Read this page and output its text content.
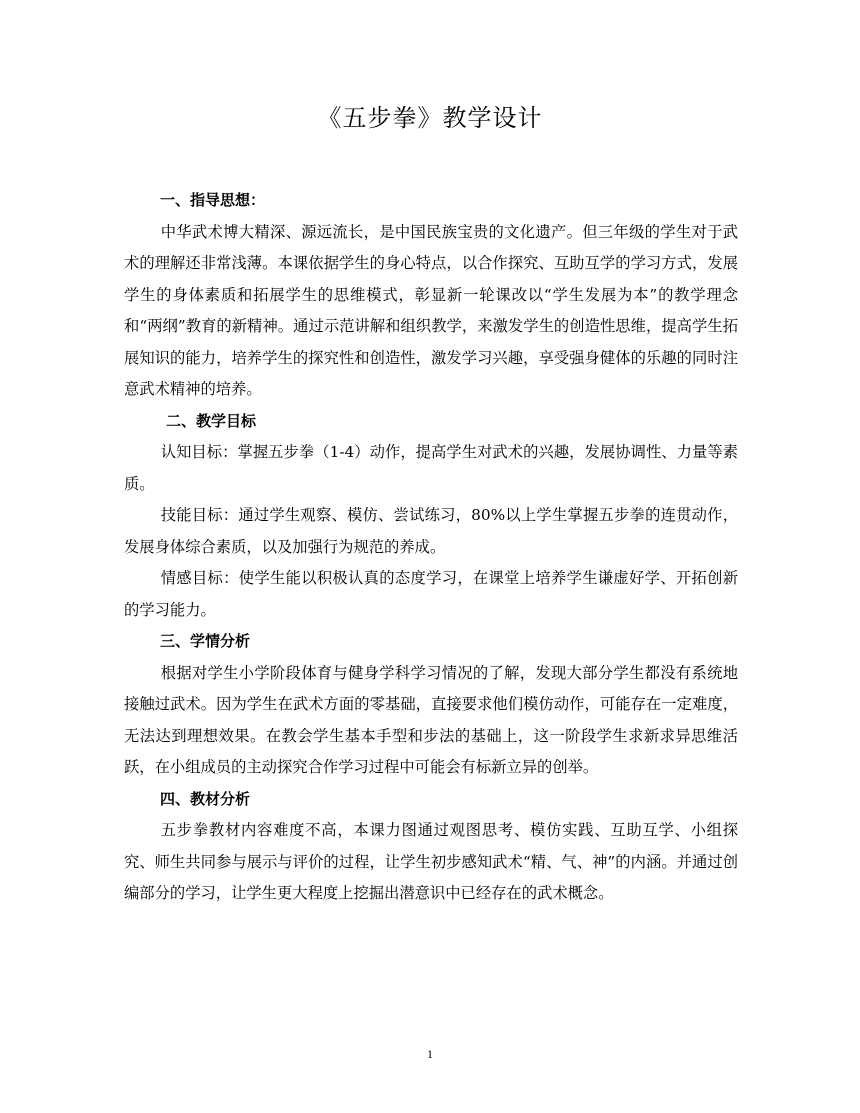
《五步拳》教学设计

一、指导思想：

中华武术博大精深、源远流长，是中国民族宝贵的文化遗产。但三年级的学生对于武术的理解还非常浅薄。本课依据学生的身心特点，以合作探究、互助互学的学习方式，发展学生的身体素质和拓展学生的思维模式，彰显新一轮课改以“学生发展为本”的教学理念和“两纲”教育的新精神。通过示范讲解和组织教学，来激发学生的创造性思维，提高学生拓展知识的能力，培养学生的探究性和创造性，激发学习兴趣，享受强身健体的乐趣的同时注意武术精神的培养。

二、教学目标

认知目标：掌握五步拳（1-4）动作，提高学生对武术的兴趣，发展协调性、力量等素质。

技能目标：通过学生观察、模仿、尝试练习，80%以上学生掌握五步拳的连贯动作，发展身体综合素质，以及加强行为规范的养成。

情感目标：使学生能以积极认真的态度学习，在课堂上培养学生谦虚好学、开拓创新的学习能力。

三、学情分析

根据对学生小学阶段体育与健身学科学习情况的了解，发现大部分学生都没有系统地接触过武术。因为学生在武术方面的零基础，直接要求他们模仿动作，可能存在一定难度，无法达到理想效果。在教会学生基本手型和步法的基础上，这一阶段学生求新求异思维活跃，在小组成员的主动探究合作学习过程中可能会有标新立异的创举。

四、教材分析

五步拳教材内容难度不高，本课力图通过观图思考、模仿实践、互助互学、小组探究、师生共同参与展示与评价的过程，让学生初步感知武术“精、气、神”的内涵。并通过创编部分的学习，让学生更大程度上挖掘出潜意识中已经存在的武术概念。

1
